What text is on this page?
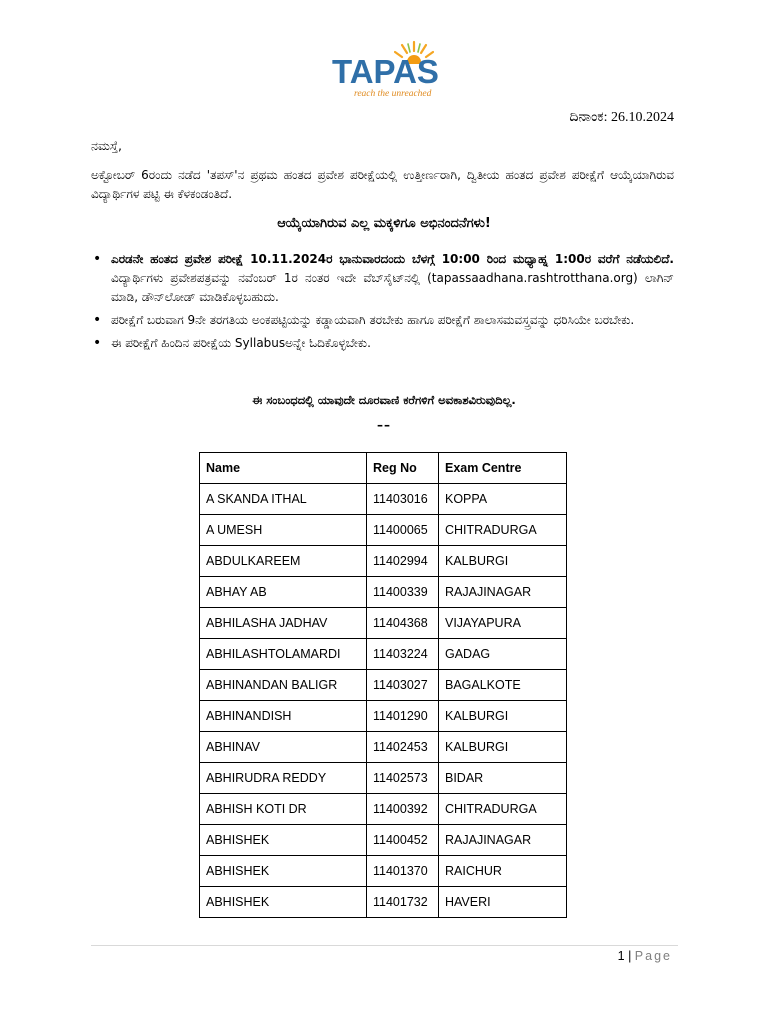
TAPAS
reach the unreached
ದಿನಾಂಕ: 26.10.2024
ನಮಸ್ತೆ,
ಅಕ್ಟೋಬರ್ 6ರಂದು ನಡೆದ 'ತಪಸ್'ನ ಪ್ರಥಮ ಹಂತದ ಪ್ರವೇಶ ಪರೀಕ್ಷೆಯಲ್ಲಿ ಉತ್ತೀರ್ಣರಾಗಿ, ದ್ವಿತೀಯ ಹಂತದ ಪ್ರವೇಶ ಪರೀಕ್ಷೆಗೆ ಆಯ್ಕೆಯಾಗಿರುವ ವಿದ್ಯಾರ್ಥಿಗಳ ಪಟ್ಟಿ ಈ ಕೆಳಕಂಡಂತಿದೆ.
ಆಯ್ಕೆಯಾಗಿರುವ ಎಲ್ಲ ಮಕ್ಕಳಿಗೂ ಅಭಿನಂದನೆಗಳು!
• ಎರಡನೇ ಹಂತದ ಪ್ರವೇಶ ಪರೀಕ್ಷೆ 10.11.2024ರ ಭಾನುವಾರದಂದು ಬೆಳಗ್ಗೆ 10:00 ರಿಂದ ಮಧ್ಯಾಹ್ನ 1:00ರ ವರೆಗೆ ನಡೆಯಲಿದೆ. ವಿದ್ಯಾರ್ಥಿಗಳು ಪ್ರವೇಶಪತ್ರವನ್ನು ನವೆಂಬರ್ 1ರ ನಂತರ ಇದೇ ವೆಬ್‌ಸೈಟ್‌ನಲ್ಲಿ (tapassaadhana.rashtrotthana.org) ಲಾಗಿನ್ ಮಾಡಿ, ಡೌನ್‌ಲೋಡ್ ಮಾಡಿಕೊಳ್ಳಬಹುದು.
• ಪರೀಕ್ಷೆಗೆ ಬರುವಾಗ 9ನೇ ತರಗತಿಯ ಅಂಕಪಟ್ಟಿಯನ್ನು ಕಡ್ಡಾಯವಾಗಿ ತರಬೇಕು ಹಾಗೂ ಪರೀಕ್ಷೆಗೆ ಶಾಲಾಸಮವಸ್ತ್ರವನ್ನು ಧರಿಸಿಯೇ ಬರಬೇಕು.
• ಈ ಪರೀಕ್ಷೆಗೆ ಹಿಂದಿನ ಪರೀಕ್ಷೆಯ Syllabusಅನ್ನೇ ಓದಿಕೊಳ್ಳಬೇಕು.
ಈ ಸಂಬಂಧದಲ್ಲಿ ಯಾವುದೇ ದೂರವಾಣಿ ಕರೆಗಳಿಗೆ ಅವಕಾಶವಿರುವುದಿಲ್ಲ.
––
Name	Reg No	Exam Centre
A SKANDA ITHAL	11403016	KOPPA
A UMESH	11400065	CHITRADURGA
ABDULKAREEM	11402994	KALBURGI
ABHAY AB	11400339	RAJAJINAGAR
ABHILASHA JADHAV	11404368	VIJAYAPURA
ABHILASHTOLAMARDI	11403224	GADAG
ABHINANDAN BALIGR	11403027	BAGALKOTE
ABHINANDISH	11401290	KALBURGI
ABHINAV	11402453	KALBURGI
ABHIRUDRA REDDY	11402573	BIDAR
ABHISH KOTI DR	11400392	CHITRADURGA
ABHISHEK	11400452	RAJAJINAGAR
ABHISHEK	11401370	RAICHUR
ABHISHEK	11401732	HAVERI
1 | Page
